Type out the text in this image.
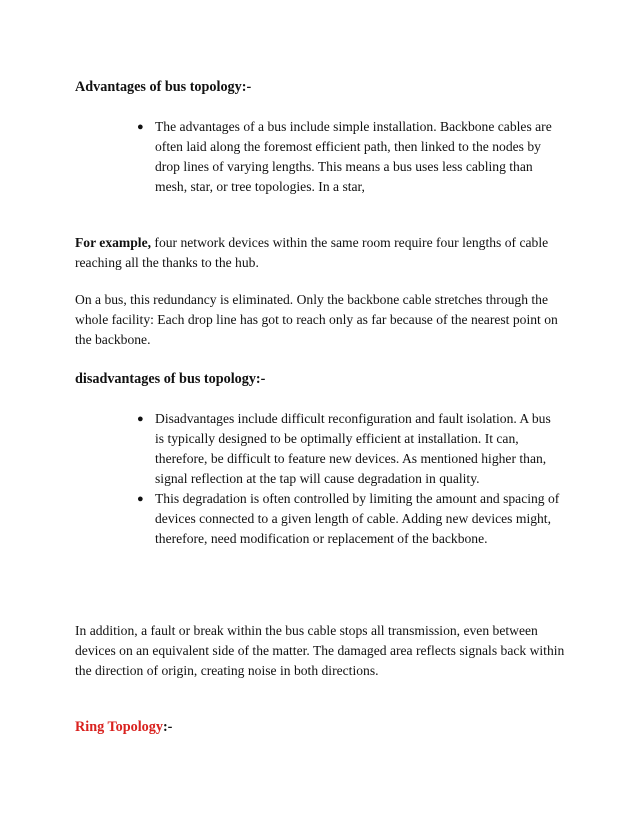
Advantages of bus topology:-

● The advantages of a bus include simple installation. Backbone cables are often laid along the foremost efficient path, then linked to the nodes by drop lines of varying lengths. This means a bus uses less cabling than mesh, star, or tree topologies. In a star,

For example, four network devices within the same room require four lengths of cable reaching all the thanks to the hub.

On a bus, this redundancy is eliminated. Only the backbone cable stretches through the whole facility: Each drop line has got to reach only as far because of the nearest point on the backbone.

disadvantages of bus topology:-

● Disadvantages include difficult reconfiguration and fault isolation. A bus is typically designed to be optimally efficient at installation. It can, therefore, be difficult to feature new devices. As mentioned higher than, signal reflection at the tap will cause degradation in quality.
● This degradation is often controlled by limiting the amount and spacing of devices connected to a given length of cable. Adding new devices might, therefore, need modification or replacement of the backbone.

In addition, a fault or break within the bus cable stops all transmission, even between devices on an equivalent side of the matter. The damaged area reflects signals back within the direction of origin, creating noise in both directions.

Ring Topology:-
